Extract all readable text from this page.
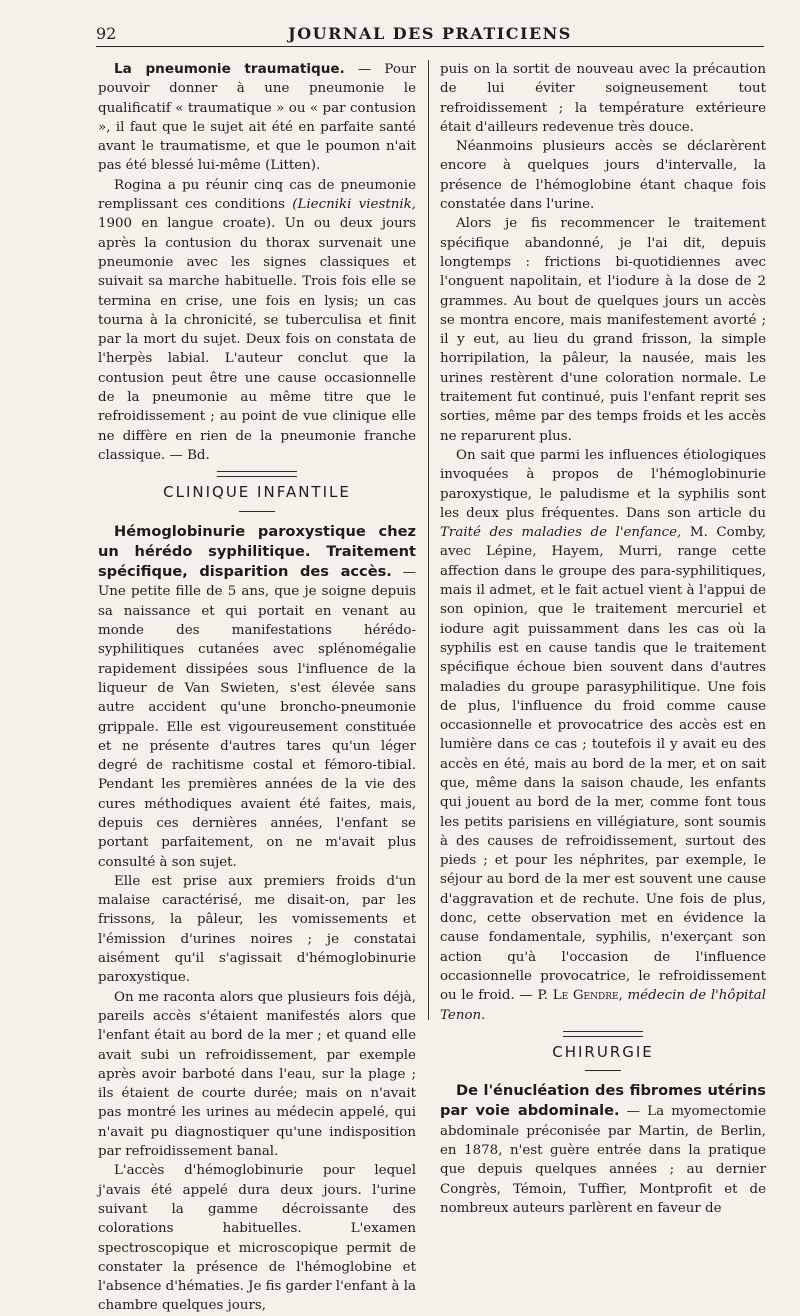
92	JOURNAL DES PRATICIENS

La pneumonie traumatique. — Pour pouvoir donner à une pneumonie le qualificatif « traumatique » ou « par contusion », il faut que le sujet ait été en parfaite santé avant le traumatisme, et que le poumon n'ait pas été blessé lui-même (Litten).

Rogina a pu réunir cinq cas de pneumonie remplissant ces conditions (Liecniki viestnik, 1900 en langue croate). Un ou deux jours après la contusion du thorax survenait une pneumonie avec les signes classiques et suivait sa marche habituelle. Trois fois elle se termina en crise, une fois en lysis; un cas tourna à la chronicité, se tuberculisa et finit par la mort du sujet. Deux fois on constata de l'herpès labial. L'auteur conclut que la contusion peut être une cause occasionnelle de la pneumonie au même titre que le refroidissement ; au point de vue clinique elle ne diffère en rien de la pneumonie franche classique. — Bd.

CLINIQUE INFANTILE

Hémoglobinurie paroxystique chez un hérédo syphilitique. Traitement spécifique, disparition des accès. — Une petite fille de 5 ans, que je soigne depuis sa naissance et qui portait en venant au monde des manifestations hérédo-syphilitiques cutanées avec splénomégalie rapidement dissipées sous l'influence de la liqueur de Van Swieten, s'est élevée sans autre accident qu'une broncho-pneumonie grippale. Elle est vigoureusement constituée et ne présente d'autres tares qu'un léger degré de rachitisme costal et fémoro-tibial. Pendant les premières années de la vie des cures méthodiques avaient été faites, mais, depuis ces dernières années, l'enfant se portant parfaitement, on ne m'avait plus consulté à son sujet.

Elle est prise aux premiers froids d'un malaise caractérisé, me disait-on, par les frissons, la pâleur, les vomissements et l'émission d'urines noires ; je constatai aisément qu'il s'agissait d'hémoglobinurie paroxystique.

On me raconta alors que plusieurs fois déjà, pareils accès s'étaient manifestés alors que l'enfant était au bord de la mer ; et quand elle avait subi un refroidissement, par exemple après avoir barboté dans l'eau, sur la plage ; ils étaient de courte durée; mais on n'avait pas montré les urines au médecin appelé, qui n'avait pu diagnostiquer qu'une indisposition par refroidissement banal.

L'accès d'hémoglobinurie pour lequel j'avais été appelé dura deux jours. l'urine suivant la gamme décroissante des colorations habituelles. L'examen spectroscopique et microscopique permit de constater la présence de l'hémoglobine et l'absence d'hématies. Je fis garder l'enfant à la chambre quelques jours,

puis on la sortit de nouveau avec la précaution de lui éviter soigneusement tout refroidissement ; la température extérieure était d'ailleurs redevenue très douce.

Néanmoins plusieurs accès se déclarèrent encore à quelques jours d'intervalle, la présence de l'hémoglobine étant chaque fois constatée dans l'urine.

Alors je fis recommencer le traitement spécifique abandonné, je l'ai dit, depuis longtemps : frictions bi-quotidiennes avec l'onguent napolitain, et l'iodure à la dose de 2 grammes. Au bout de quelques jours un accès se montra encore, mais manifestement avorté ; il y eut, au lieu du grand frisson, la simple horripilation, la pâleur, la nausée, mais les urines restèrent d'une coloration normale. Le traitement fut continué, puis l'enfant reprit ses sorties, même par des temps froids et les accès ne reparurent plus.

On sait que parmi les influences étiologiques invoquées à propos de l'hémoglobinurie paroxystique, le paludisme et la syphilis sont les deux plus fréquentes. Dans son article du Traité des maladies de l'enfance, M. Comby, avec Lépine, Hayem, Murri, range cette affection dans le groupe des para-syphilitiques, mais il admet, et le fait actuel vient à l'appui de son opinion, que le traitement mercuriel et iodure agit puissamment dans les cas où la syphilis est en cause tandis que le traitement spécifique échoue bien souvent dans d'autres maladies du groupe parasyphilitique. Une fois de plus, l'influence du froid comme cause occasionnelle et provocatrice des accès est en lumière dans ce cas ; toutefois il y avait eu des accès en été, mais au bord de la mer, et on sait que, même dans la saison chaude, les enfants qui jouent au bord de la mer, comme font tous les petits parisiens en villégiature, sont soumis à des causes de refroidissement, surtout des pieds ; et pour les néphrites, par exemple, le séjour au bord de la mer est souvent une cause d'aggravation et de rechute. Une fois de plus, donc, cette observation met en évidence la cause fondamentale, syphilis, n'exerçant son action qu'à l'occasion de l'influence occasionnelle provocatrice, le refroidissement ou le froid. — P. Le Gendre, médecin de l'hôpital Tenon.

CHIRURGIE

De l'énucléation des fibromes utérins par voie abdominale. — La myomectomie abdominale préconisée par Martin, de Berlin, en 1878, n'est guère entrée dans la pratique que depuis quelques années ; au dernier Congrès, Témoin, Tuffier, Montprofit et de nombreux auteurs parlèrent en faveur de
